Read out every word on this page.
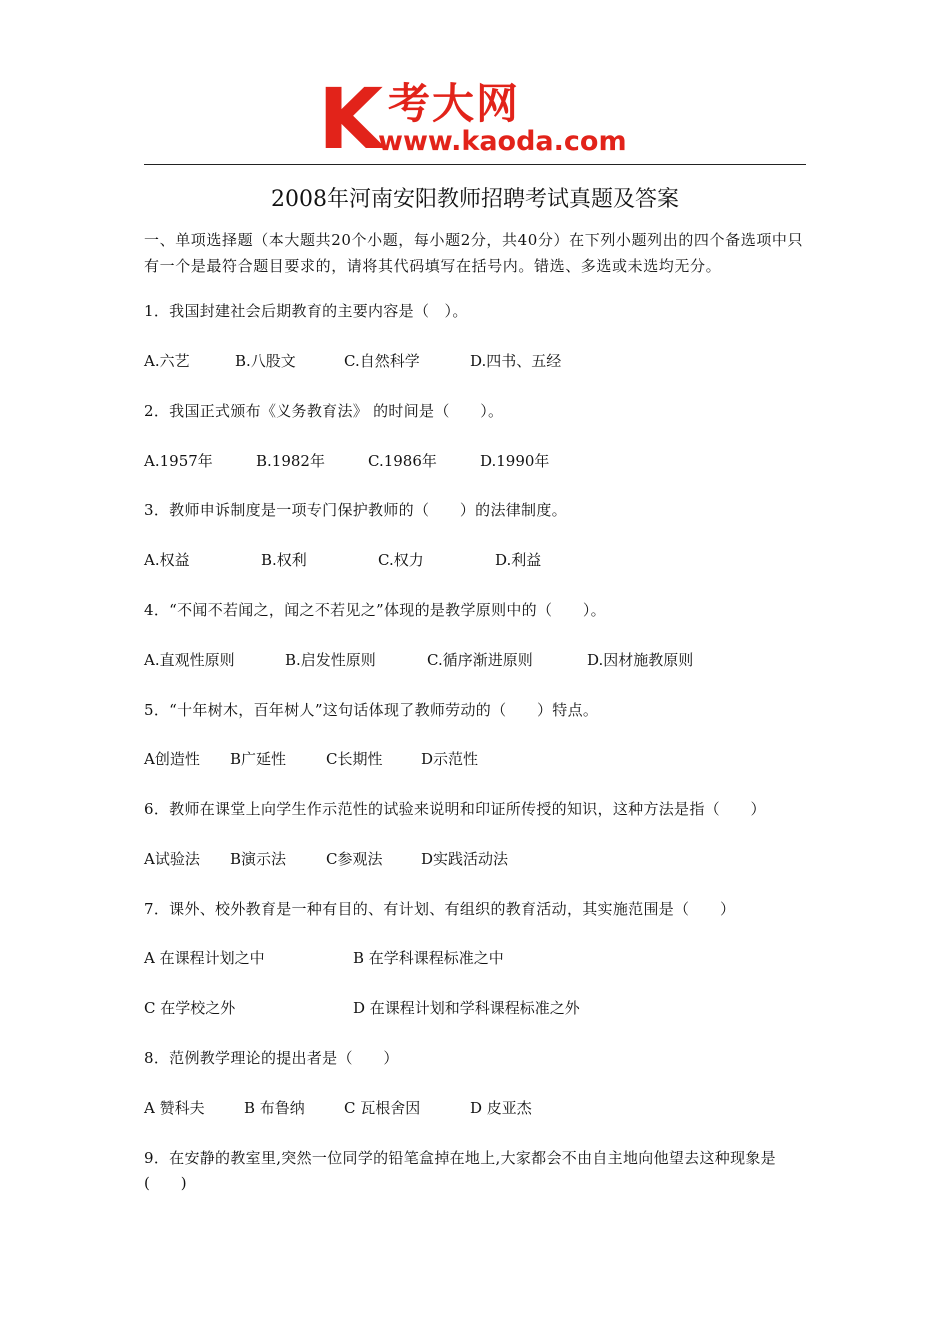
K 考大网
www.kaoda.com
2008年河南安阳教师招聘考试真题及答案
一、单项选择题（本大题共20个小题，每小题2分，共40分）在下列小题列出的四个备选项中只有一个是最符合题目要求的，请将其代码填写在括号内。错选、多选或未选均无分。
1．我国封建社会后期教育的主要内容是（　）。
A.六艺	B.八股文	C.自然科学	D.四书、五经
2．我国正式颁布《义务教育法》 的时间是（　　）。
A.1957年	B.1982年	C.1986年	D.1990年
3．教师申诉制度是一项专门保护教师的（　　）的法律制度。
A.权益	B.权利	C.权力	D.利益
4．“不闻不若闻之，闻之不若见之”体现的是教学原则中的（　　）。
A.直观性原则	B.启发性原则	C.循序渐进原则	D.因材施教原则
5．“十年树木，百年树人”这句话体现了教师劳动的（　　）特点。
A创造性 B广延性	C长期性	D示范性
6．教师在课堂上向学生作示范性的试验来说明和印证所传授的知识，这种方法是指（　　）
A试验法 B演示法	C参观法	D实践活动法
7．课外、校外教育是一种有目的、有计划、有组织的教育活动，其实施范围是（　　）
A 在课程计划之中	B 在学科课程标准之中
C 在学校之外	D 在课程计划和学科课程标准之外
8．范例教学理论的提出者是（　　）
A 赞科夫	B 布鲁纳	C 瓦根舍因	D 皮亚杰
9．在安静的教室里,突然一位同学的铅笔盒掉在地上,大家都会不由自主地向他望去这种现象是(　　)
